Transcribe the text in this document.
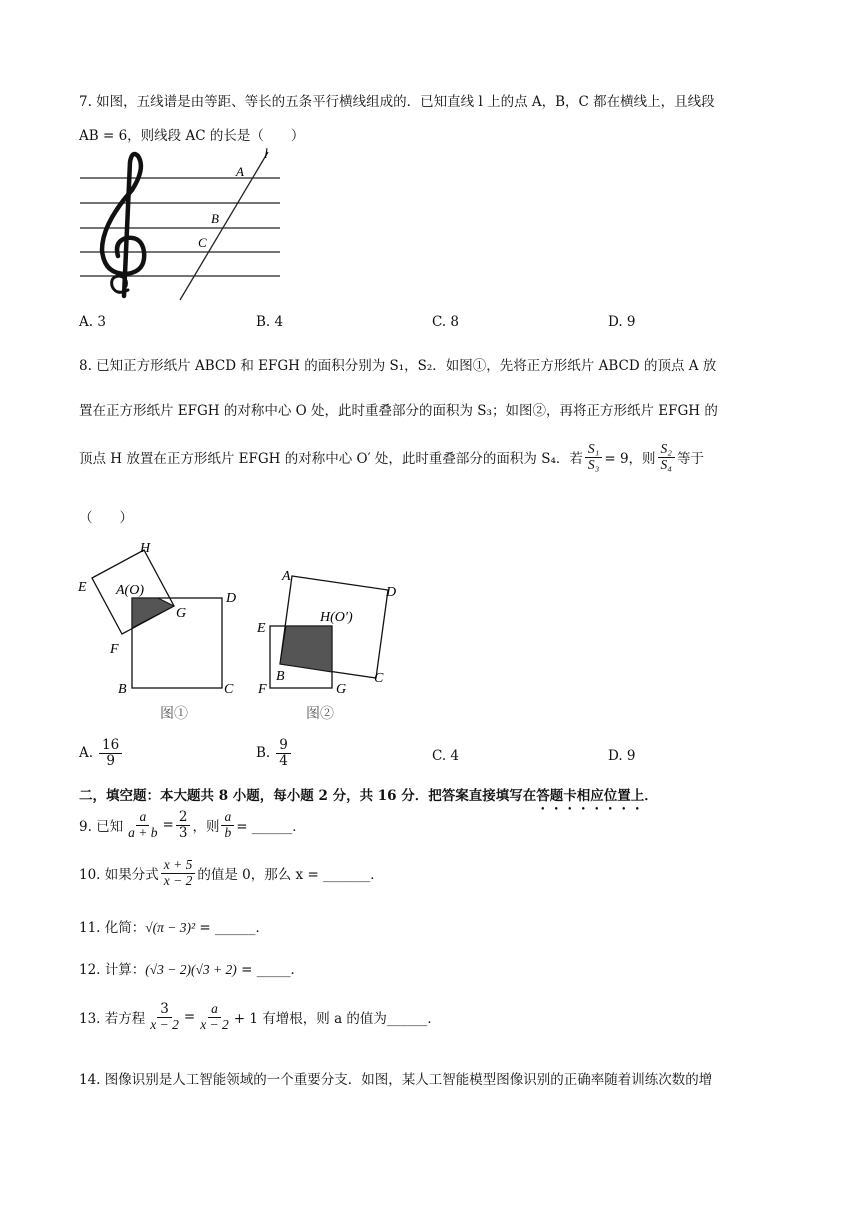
7. 如图，五线谱是由等距、等长的五条平行横线组成的．已知直线 l 上的点 A，B，C 都在横线上，且线段
AB = 6，则线段 AC 的长是（　　）
l
A
B
C
A. 3	B. 4	C. 8	D. 9
8. 已知正方形纸片 ABCD 和 EFGH 的面积分别为 S₁，S₂．如图①，先将正方形纸片 ABCD 的顶点 A 放
置在正方形纸片 EFGH 的对称中心 O 处，此时重叠部分的面积为 S₃；如图②，再将正方形纸片 EFGH 的
顶点 H 放置在正方形纸片 EFGH 的对称中心 O′ 处，此时重叠部分的面积为 S₄．若 $\frac{\text{S₁}}{\text{S₃}} = 9$，则 $\frac{\text{S₂}}{\text{S₄}}$ 等于
（　　）
H
E A(O)
D
G
F
B	C
图①
A
D
H(O′)
E
B	C
F	G
图②
A. $\frac{16}{9}$	B. $\frac{9}{4}$	C. 4	D. 9
二，填空题：本大题共 8 小题，每小题 2 分，共 16 分．把答案直接填写在答题卡相应位置上．
9. 已知 $\frac{a}{a + b} = \frac{2}{3}$ ，则 $\frac{a}{b}$ = ______．
10. 如果分式 $\frac{x + 5}{x - 2}$ 的值是 0，那么 x = _______．
11. 化简：√(π − 3)² = ______．
12. 计算：(√3 − 2)(√3 + 2) = _____．
13. 若方程 $\frac{3}{x - 2} = \frac{a}{x - 2} + 1$ 有增根，则 a 的值为______．
14. 图像识别是人工智能领域的一个重要分支．如图，某人工智能模型图像识别的正确率随着训练次数的增
